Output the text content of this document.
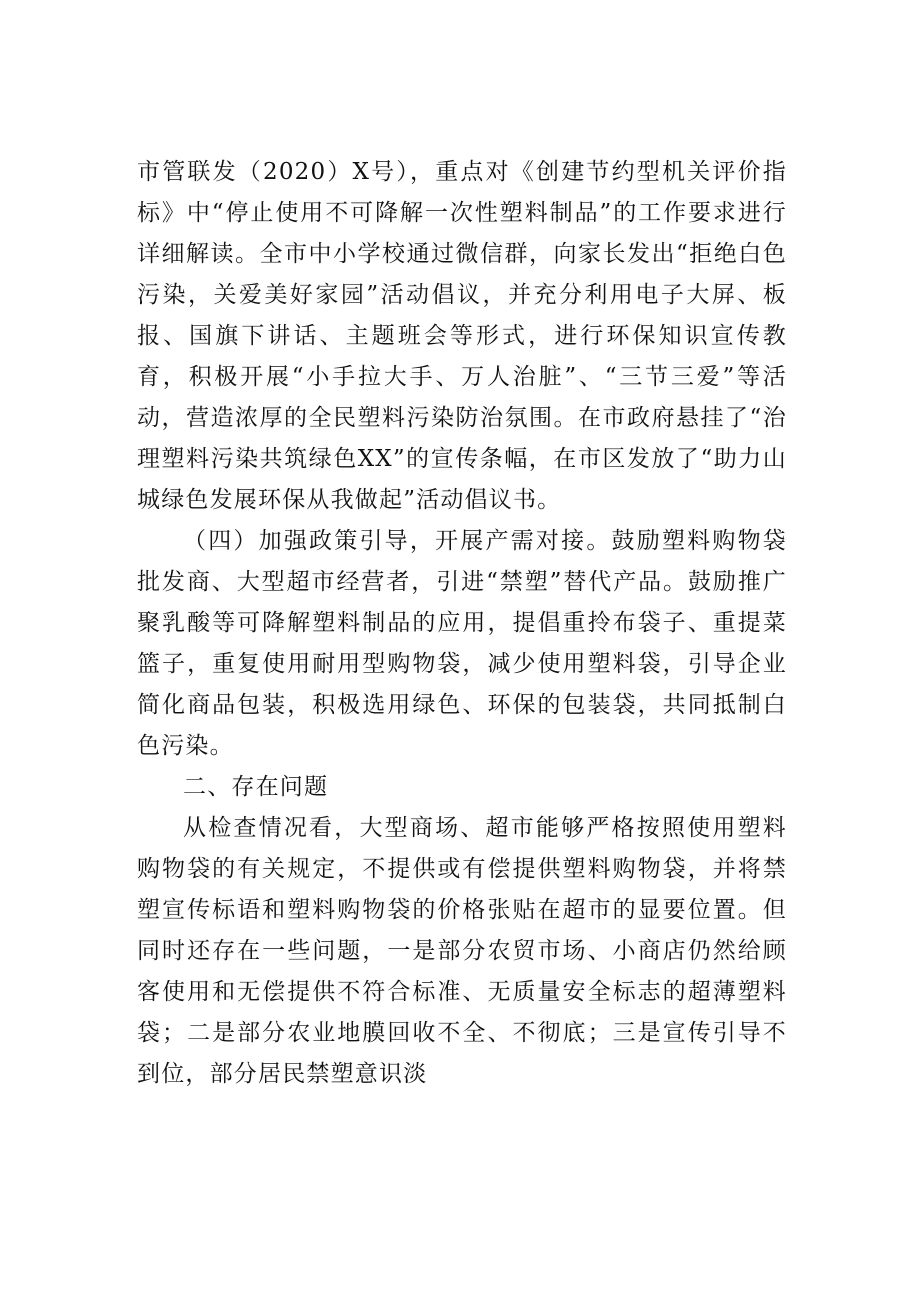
市管联发（2020）X号），重点对《创建节约型机关评价指标》中“停止使用不可降解一次性塑料制品”的工作要求进行详细解读。全市中小学校通过微信群，向家长发出“拒绝白色污染，关爱美好家园”活动倡议，并充分利用电子大屏、板报、国旗下讲话、主题班会等形式，进行环保知识宣传教育，积极开展“小手拉大手、万人治脏”、“三节三爱”等活动，营造浓厚的全民塑料污染防治氛围。在市政府悬挂了“治理塑料污染共筑绿色XX”的宣传条幅，在市区发放了“助力山城绿色发展环保从我做起”活动倡议书。

（四）加强政策引导，开展产需对接。鼓励塑料购物袋批发商、大型超市经营者，引进“禁塑”替代产品。鼓励推广聚乳酸等可降解塑料制品的应用，提倡重拎布袋子、重提菜篮子，重复使用耐用型购物袋，减少使用塑料袋，引导企业简化商品包装，积极选用绿色、环保的包装袋，共同抵制白色污染。

二、存在问题

从检查情况看，大型商场、超市能够严格按照使用塑料购物袋的有关规定，不提供或有偿提供塑料购物袋，并将禁塑宣传标语和塑料购物袋的价格张贴在超市的显要位置。但同时还存在一些问题，一是部分农贸市场、小商店仍然给顾客使用和无偿提供不符合标准、无质量安全标志的超薄塑料袋；二是部分农业地膜回收不全、不彻底；三是宣传引导不到位，部分居民禁塑意识淡
